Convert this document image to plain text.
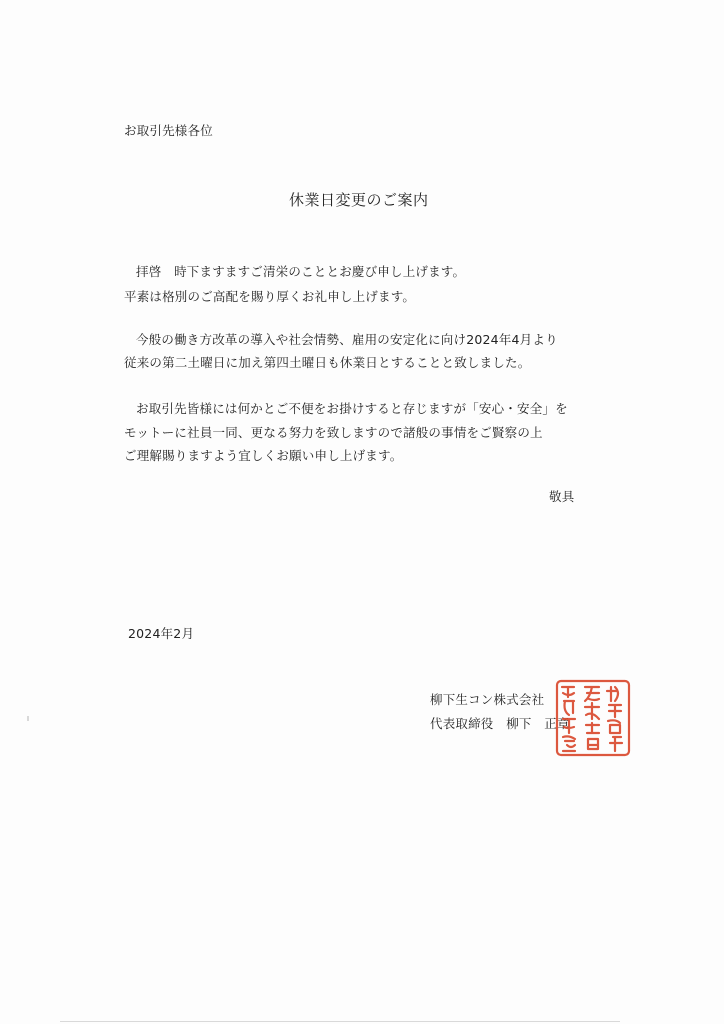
お取引先様各位
休業日変更のご案内
拝啓　時下ますますご清栄のこととお慶び申し上げます。
平素は格別のご高配を賜り厚くお礼申し上げます。
今般の働き方改革の導入や社会情勢、雇用の安定化に向け2024年4月より
従来の第二土曜日に加え第四土曜日も休業日とすることと致しました。
お取引先皆様には何かとご不便をお掛けすると存じますが「安心・安全」を
モットーに社員一同、更なる努力を致しますので諸般の事情をご賢察の上
ご理解賜りますよう宜しくお願い申し上げます。
敬具
2024年2月
柳下生コン株式会社
代表取締役　柳下　正章
